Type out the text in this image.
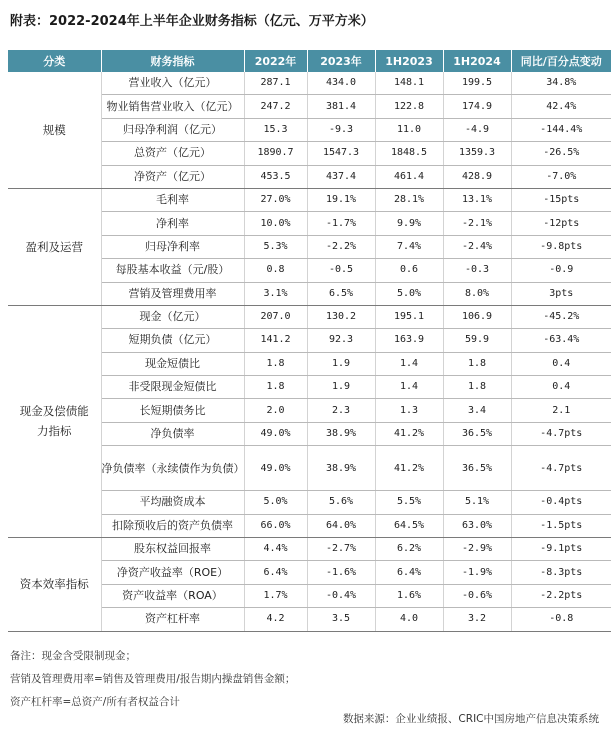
附表：2022-2024年上半年企业财务指标（亿元、万平方米）
分类	财务指标	2022年	2023年	1H2023	1H2024	同比/百分点变动
规模	营业收入（亿元）	287.1	434.0	148.1	199.5	34.8%
	物业销售营业收入（亿元）	247.2	381.4	122.8	174.9	42.4%
	归母净利润（亿元）	15.3	-9.3	11.0	-4.9	-144.4%
	总资产（亿元）	1890.7	1547.3	1848.5	1359.3	-26.5%
	净资产（亿元）	453.5	437.4	461.4	428.9	-7.0%
盈利及运营	毛利率	27.0%	19.1%	28.1%	13.1%	-15pts
	净利率	10.0%	-1.7%	9.9%	-2.1%	-12pts
	归母净利率	5.3%	-2.2%	7.4%	-2.4%	-9.8pts
	每股基本收益（元/股）	0.8	-0.5	0.6	-0.3	-0.9
	营销及管理费用率	3.1%	6.5%	5.0%	8.0%	3pts
现金及偿债能力指标	现金（亿元）	207.0	130.2	195.1	106.9	-45.2%
	短期负债（亿元）	141.2	92.3	163.9	59.9	-63.4%
	现金短债比	1.8	1.9	1.4	1.8	0.4
	非受限现金短债比	1.8	1.9	1.4	1.8	0.4
	长短期债务比	2.0	2.3	1.3	3.4	2.1
	净负债率	49.0%	38.9%	41.2%	36.5%	-4.7pts
	净负债率（永续债作为负债）	49.0%	38.9%	41.2%	36.5%	-4.7pts
	平均融资成本	5.0%	5.6%	5.5%	5.1%	-0.4pts
	扣除预收后的资产负债率	66.0%	64.0%	64.5%	63.0%	-1.5pts
资本效率指标	股东权益回报率	4.4%	-2.7%	6.2%	-2.9%	-9.1pts
	净资产收益率（ROE）	6.4%	-1.6%	6.4%	-1.9%	-8.3pts
	资产收益率（ROA）	1.7%	-0.4%	1.6%	-0.6%	-2.2pts
	资产杠杆率	4.2	3.5	4.0	3.2	-0.8
备注：现金含受限制现金；
营销及管理费用率=销售及管理费用/报告期内操盘销售金额；
资产杠杆率=总资产/所有者权益合计
数据来源：企业业绩报、CRIC中国房地产信息决策系统
